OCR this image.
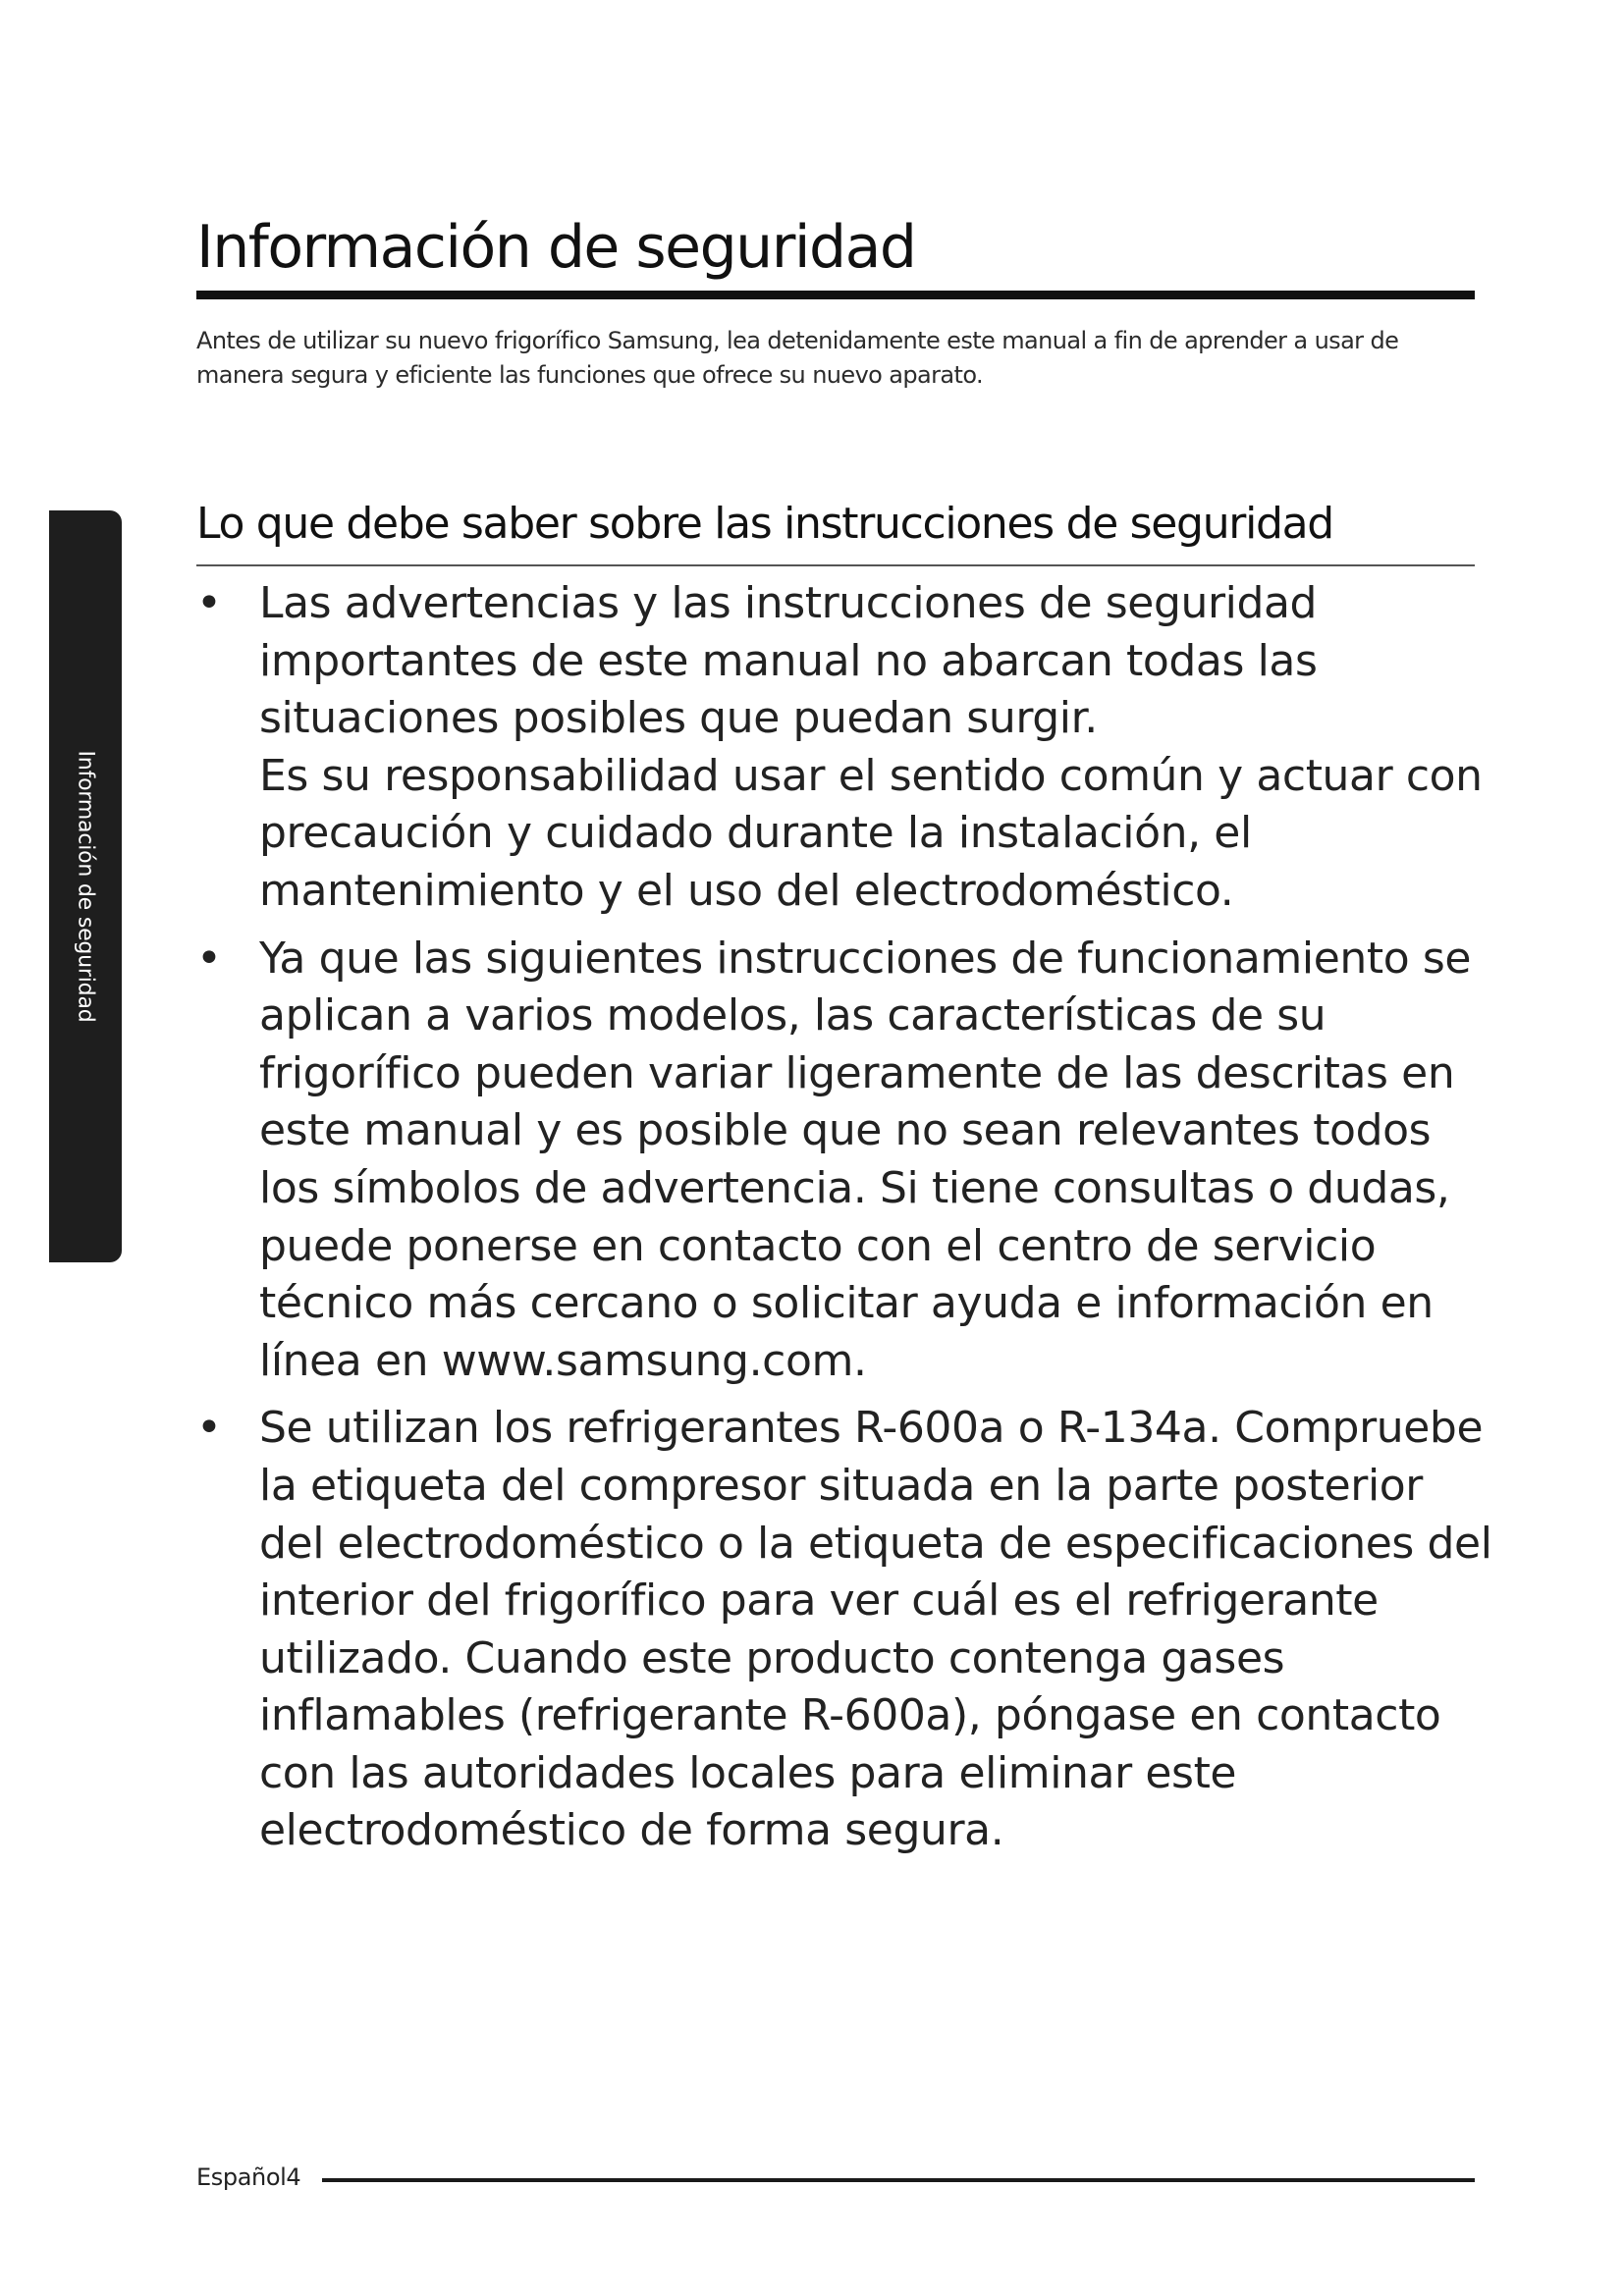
Información de seguridad

Antes de utilizar su nuevo frigorífico Samsung, lea detenidamente este manual a fin de aprender a usar de manera segura y eficiente las funciones que ofrece su nuevo aparato.

Información de seguridad
Lo que debe saber sobre las instrucciones de seguridad
• Las advertencias y las instrucciones de seguridad importantes de este manual no abarcan todas las situaciones posibles que puedan surgir.

Es su responsabilidad usar el sentido común y actuar con precaución y cuidado durante la instalación, el mantenimiento y el uso del electrodoméstico.

• Ya que las siguientes instrucciones de funcionamiento se aplican a varios modelos, las características de su frigorífico pueden variar ligeramente de las descritas en este manual y es posible que no sean relevantes todos los símbolos de advertencia. Si tiene consultas o dudas, puede ponerse en contacto con el centro de servicio técnico más cercano o solicitar ayuda e información en línea en www.samsung.com.

• Se utilizan los refrigerantes R-600a o R-134a. Compruebe la etiqueta del compresor situada en la parte posterior del electrodoméstico o la etiqueta de especificaciones del interior del frigorífico para ver cuál es el refrigerante utilizado. Cuando este producto contenga gases inflamables (refrigerante R-600a), póngase en contacto con las autoridades locales para eliminar este electrodoméstico de forma segura.

Español4
